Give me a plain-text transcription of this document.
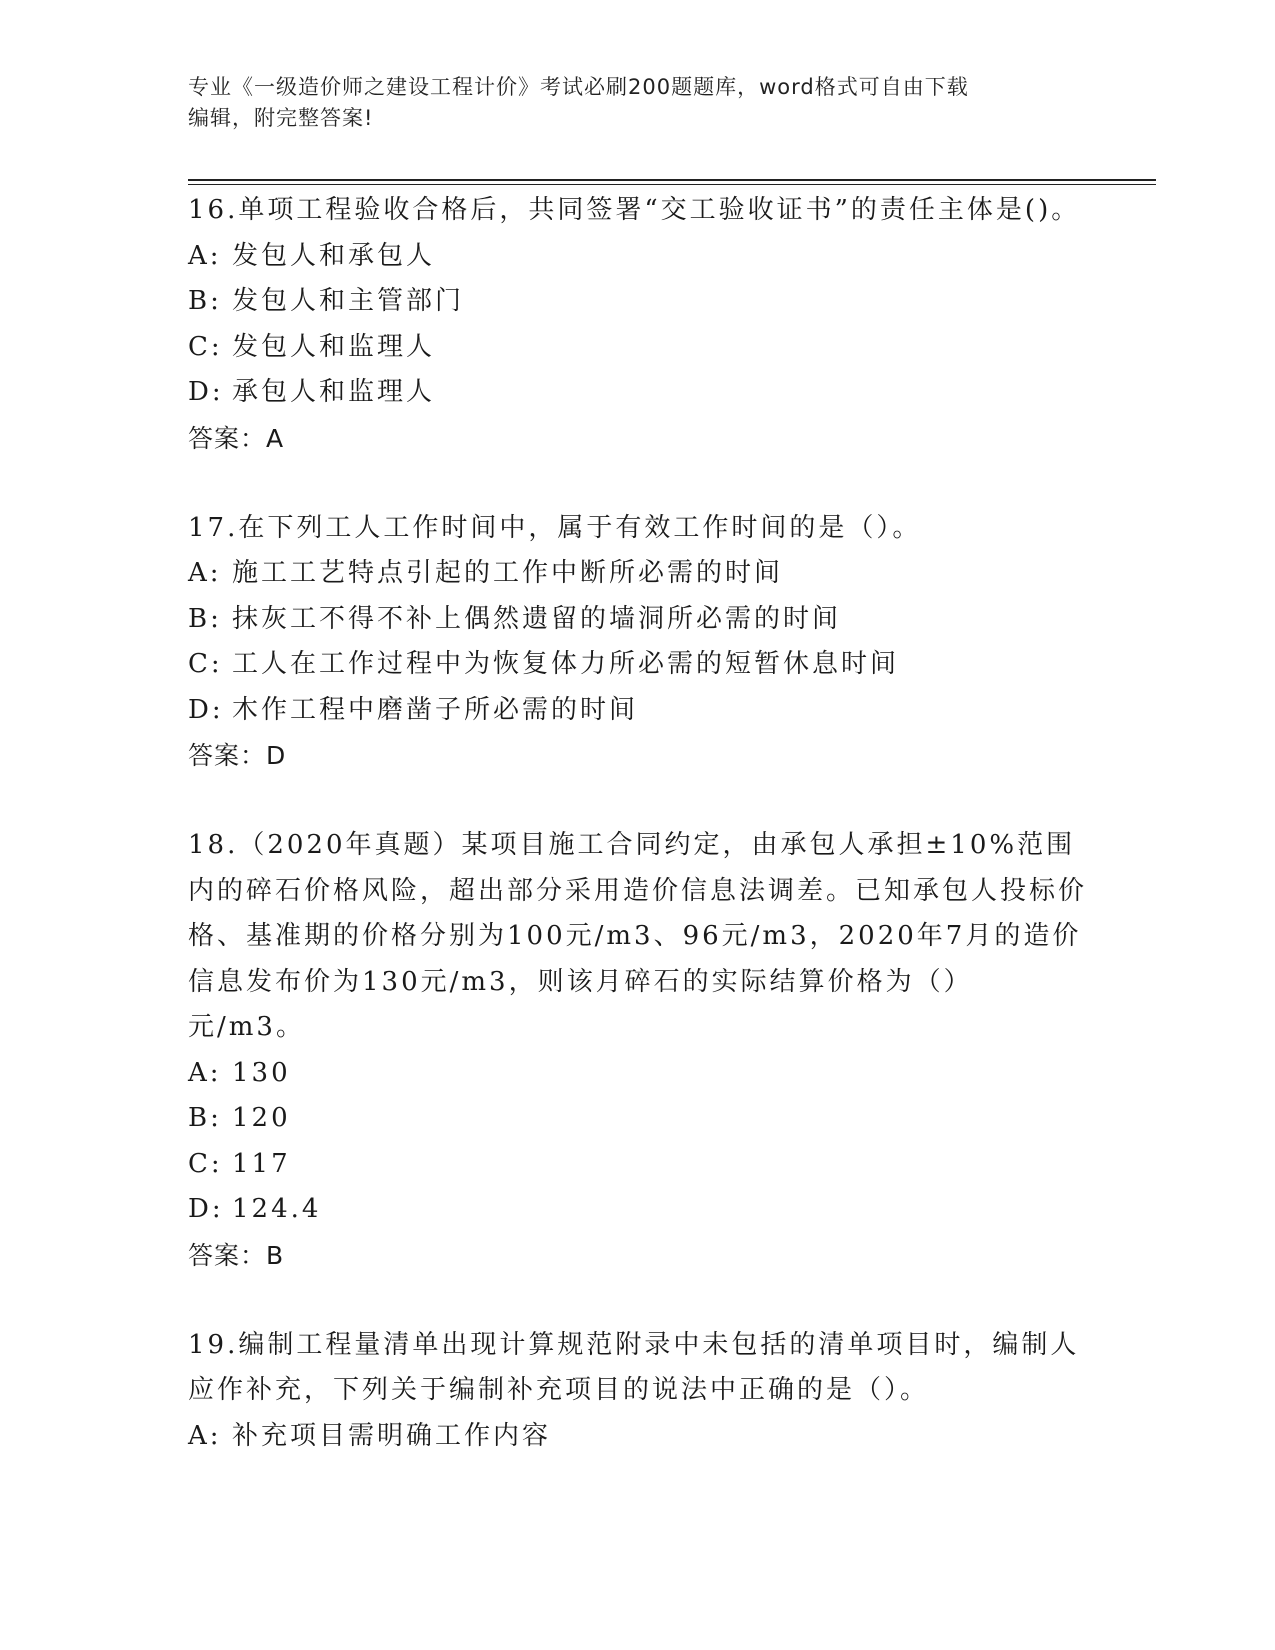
专业《一级造价师之建设工程计价》考试必刷200题题库，word格式可自由下载
编辑，附完整答案!

16.单项工程验收合格后，共同签署“交工验收证书”的责任主体是()。

A: 发包人和承包人

B: 发包人和主管部门

C: 发包人和监理人

D: 承包人和监理人

答案：A

17.在下列工人工作时间中，属于有效工作时间的是（）。

A: 施工工艺特点引起的工作中断所必需的时间

B: 抹灰工不得不补上偶然遗留的墙洞所必需的时间

C: 工人在工作过程中为恢复体力所必需的短暂休息时间

D: 木作工程中磨凿子所必需的时间

答案：D

18.（2020年真题）某项目施工合同约定，由承包人承担±10%范围内的碎石价格风险，超出部分采用造价信息法调差。已知承包人投标价格、基准期的价格分别为100元/m3、96元/m3，2020年7月的造价信息发布价为130元/m3，则该月碎石的实际结算价格为（）元/m3。

A: 130

B: 120

C: 117

D: 124.4

答案：B

19.编制工程量清单出现计算规范附录中未包括的清单项目时，编制人应作补充，下列关于编制补充项目的说法中正确的是（）。

A: 补充项目需明确工作内容
